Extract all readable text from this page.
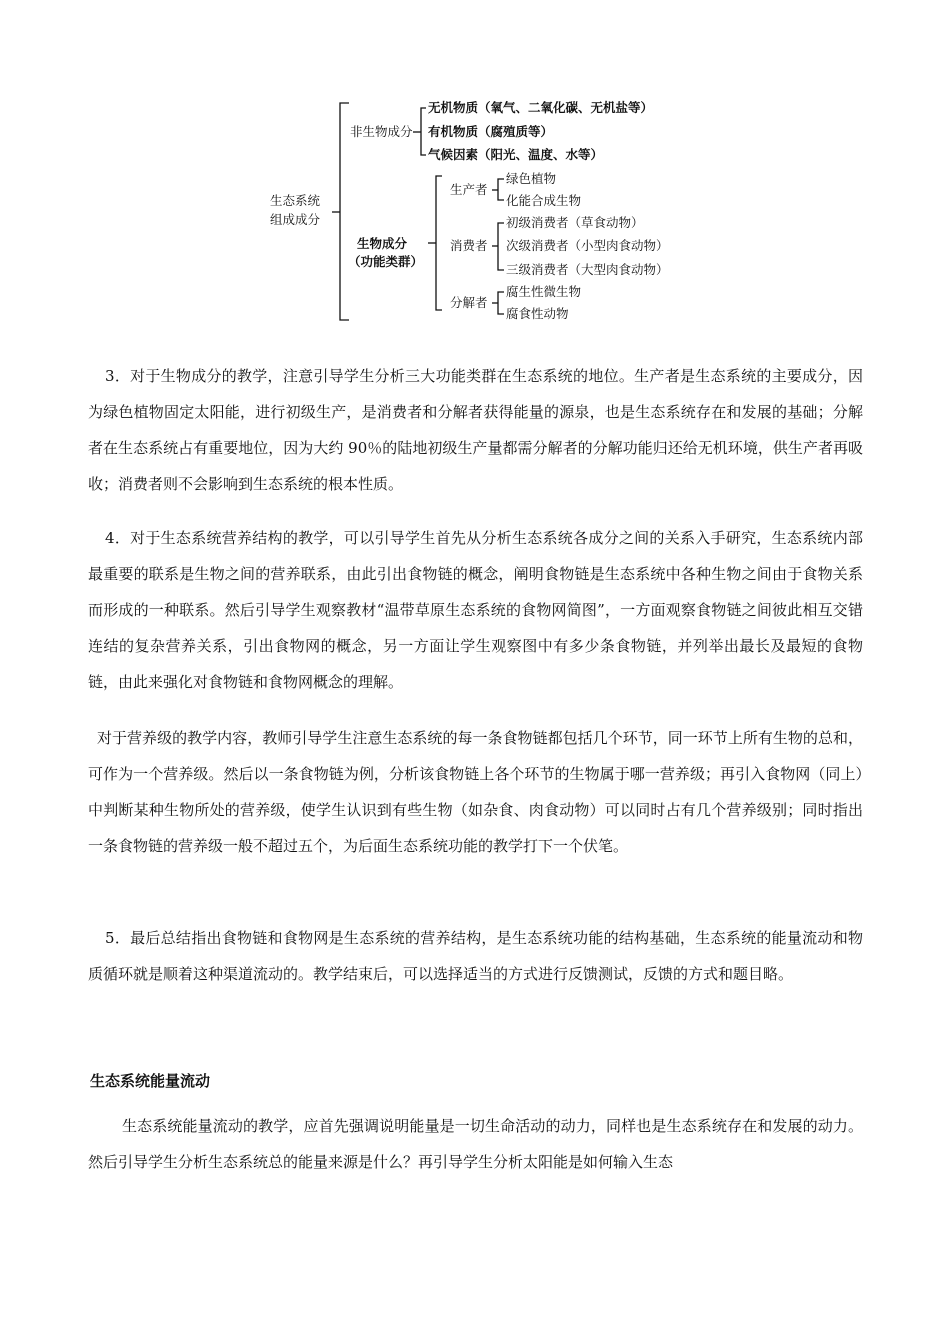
生态系统
组成成分
非生物成分
无机物质（氧气、二氧化碳、无机盐等）
有机物质（腐殖质等）
气候因素（阳光、温度、水等）
生物成分
（功能类群）
生产者
绿色植物
化能合成生物
消费者
初级消费者（草食动物）
次级消费者（小型肉食动物）
三级消费者（大型肉食动物）
分解者
腐生性微生物
腐食性动物
3．对于生物成分的教学，注意引导学生分析三大功能类群在生态系统的地位。生产者是生态系统的主要成分，因为绿色植物固定太阳能，进行初级生产，是消费者和分解者获得能量的源泉，也是生态系统存在和发展的基础；分解者在生态系统占有重要地位，因为大约 90％的陆地初级生产量都需分解者的分解功能归还给无机环境，供生产者再吸收；消费者则不会影响到生态系统的根本性质。
4．对于生态系统营养结构的教学，可以引导学生首先从分析生态系统各成分之间的关系入手研究，生态系统内部最重要的联系是生物之间的营养联系，由此引出食物链的概念，阐明食物链是生态系统中各种生物之间由于食物关系而形成的一种联系。然后引导学生观察教材“温带草原生态系统的食物网简图”，一方面观察食物链之间彼此相互交错连结的复杂营养关系，引出食物网的概念，另一方面让学生观察图中有多少条食物链，并列举出最长及最短的食物链，由此来强化对食物链和食物网概念的理解。
对于营养级的教学内容，教师引导学生注意生态系统的每一条食物链都包括几个环节，同一环节上所有生物的总和，可作为一个营养级。然后以一条食物链为例，分析该食物链上各个环节的生物属于哪一营养级；再引入食物网（同上）中判断某种生物所处的营养级，使学生认识到有些生物（如杂食、肉食动物）可以同时占有几个营养级别；同时指出一条食物链的营养级一般不超过五个，为后面生态系统功能的教学打下一个伏笔。
5．最后总结指出食物链和食物网是生态系统的营养结构，是生态系统功能的结构基础，生态系统的能量流动和物质循环就是顺着这种渠道流动的。教学结束后，可以选择适当的方式进行反馈测试，反馈的方式和题目略。
生态系统能量流动
生态系统能量流动的教学，应首先强调说明能量是一切生命活动的动力，同样也是生态系统存在和发展的动力。然后引导学生分析生态系统总的能量来源是什么？再引导学生分析太阳能是如何输入生态
